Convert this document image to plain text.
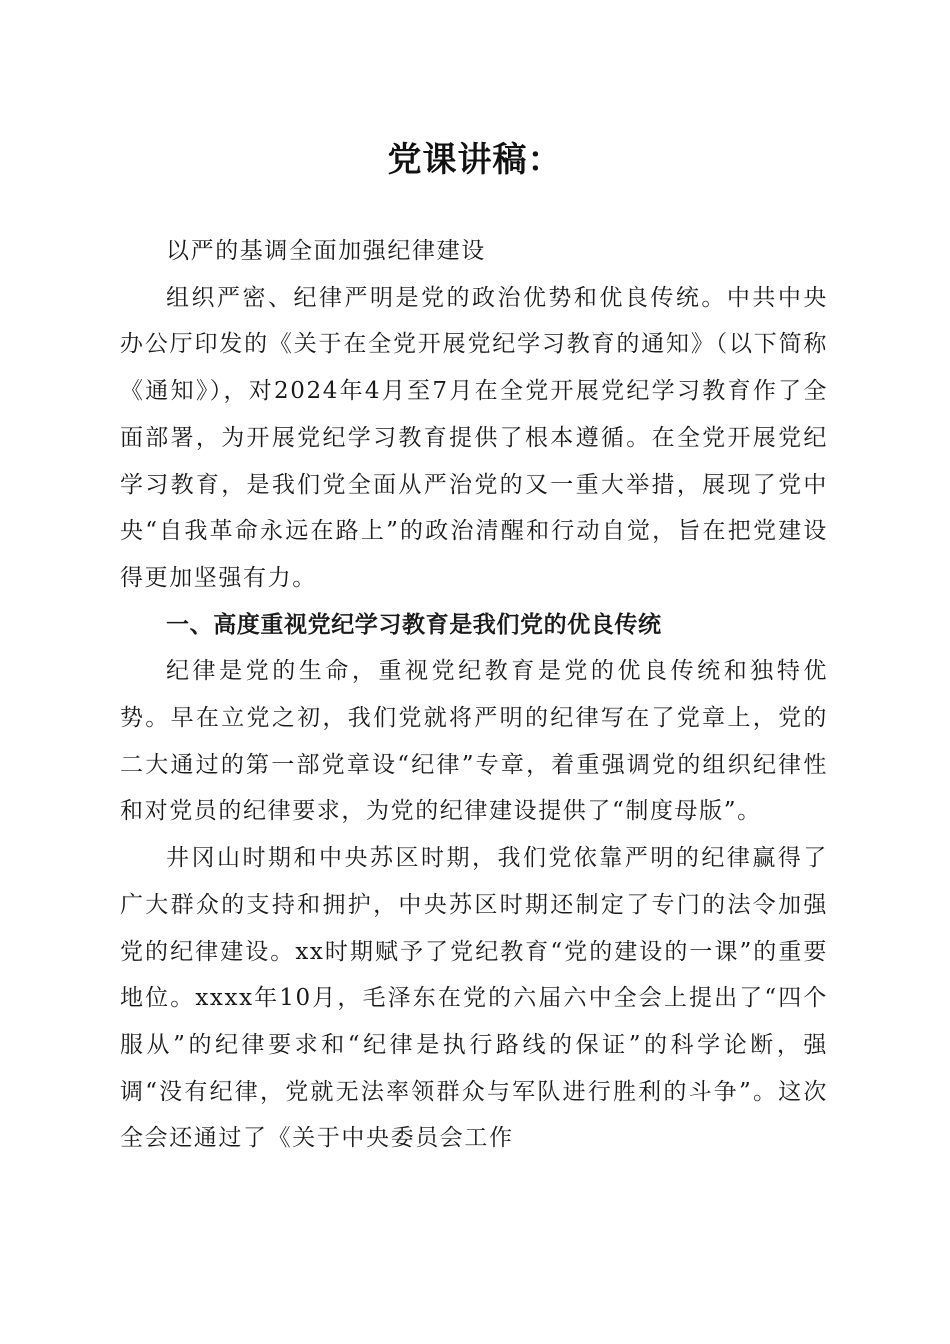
党课讲稿：

以严的基调全面加强纪律建设

组织严密、纪律严明是党的政治优势和优良传统。中共中央办公厅印发的《关于在全党开展党纪学习教育的通知》（以下简称《通知》），对2024年4月至7月在全党开展党纪学习教育作了全面部署，为开展党纪学习教育提供了根本遵循。在全党开展党纪学习教育，是我们党全面从严治党的又一重大举措，展现了党中央“自我革命永远在路上”的政治清醒和行动自觉，旨在把党建设得更加坚强有力。

一、高度重视党纪学习教育是我们党的优良传统

纪律是党的生命，重视党纪教育是党的优良传统和独特优势。早在立党之初，我们党就将严明的纪律写在了党章上，党的二大通过的第一部党章设“纪律”专章，着重强调党的组织纪律性和对党员的纪律要求，为党的纪律建设提供了“制度母版”。

井冈山时期和中央苏区时期，我们党依靠严明的纪律赢得了广大群众的支持和拥护，中央苏区时期还制定了专门的法令加强党的纪律建设。xx时期赋予了党纪教育“党的建设的一课”的重要地位。xxxx年10月，毛泽东在党的六届六中全会上提出了“四个服从”的纪律要求和“纪律是执行路线的保证”的科学论断，强调“没有纪律，党就无法率领群众与军队进行胜利的斗争”。这次全会还通过了《关于中央委员会工作
